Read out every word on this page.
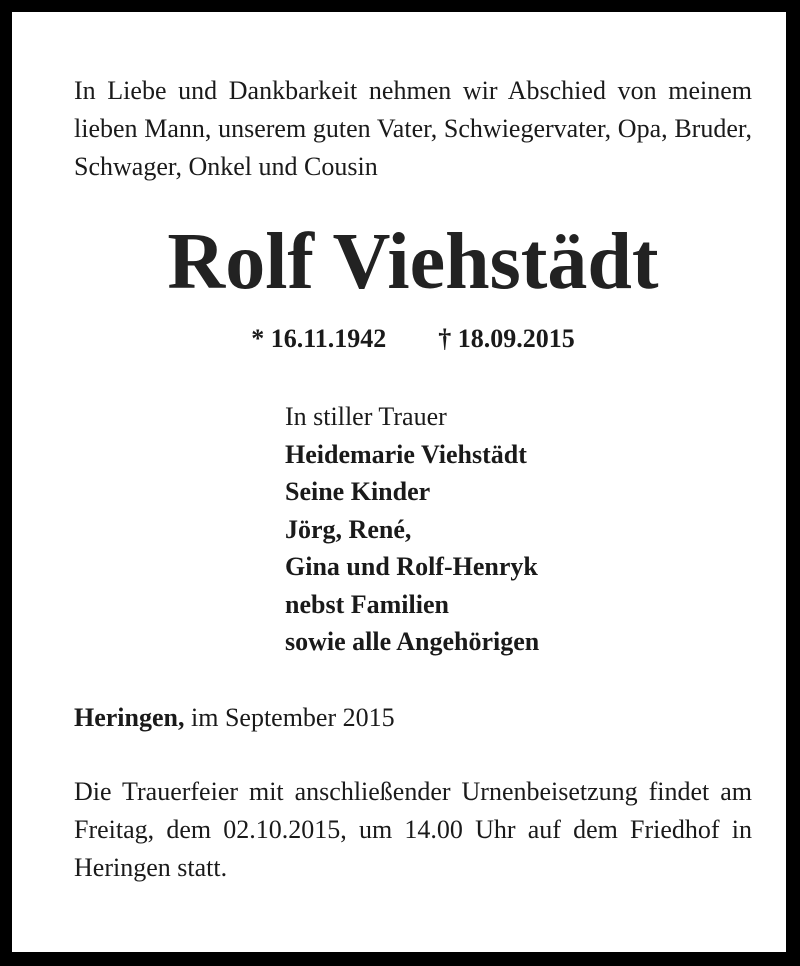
In Liebe und Dankbarkeit nehmen wir Abschied von meinem lieben Mann, unserem guten Vater, Schwiegervater, Opa, Bruder, Schwager, Onkel und Cousin

Rolf Viehstädt
* 16.11.1942 † 18.09.2015
In stiller Trauer
Heidemarie Viehstädt
Seine Kinder
Jörg, René,
Gina und Rolf-Henryk
nebst Familien
sowie alle Angehörigen
Heringen, im September 2015

Die Trauerfeier mit anschließender Urnenbeisetzung findet am Freitag, dem 02.10.2015, um 14.00 Uhr auf dem Friedhof in Heringen statt.
